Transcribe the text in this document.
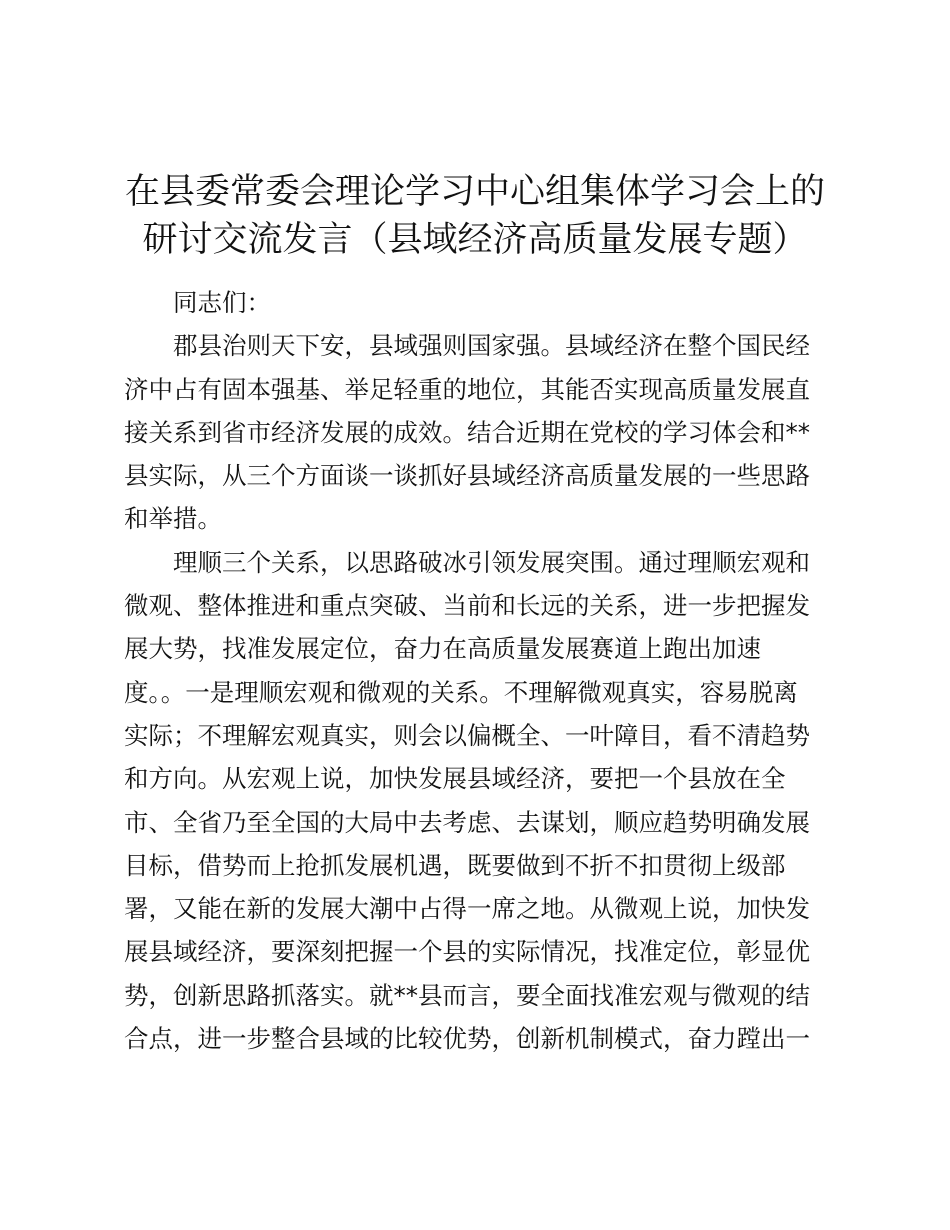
在县委常委会理论学习中心组集体学习会上的
研讨交流发言（县域经济高质量发展专题）

同志们：

郡县治则天下安，县域强则国家强。县域经济在整个国民经

济中占有固本强基、举足轻重的地位，其能否实现高质量发展直

接关系到省市经济发展的成效。结合近期在党校的学习体会和**

县实际，从三个方面谈一谈抓好县域经济高质量发展的一些思路

和举措。

理顺三个关系，以思路破冰引领发展突围。通过理顺宏观和

微观、整体推进和重点突破、当前和长远的关系，进一步把握发

展大势，找准发展定位，奋力在高质量发展赛道上跑出加速

度。。一是理顺宏观和微观的关系。不理解微观真实，容易脱离

实际；不理解宏观真实，则会以偏概全、一叶障目，看不清趋势

和方向。从宏观上说，加快发展县域经济，要把一个县放在全

市、全省乃至全国的大局中去考虑、去谋划，顺应趋势明确发展

目标，借势而上抢抓发展机遇，既要做到不折不扣贯彻上级部

署，又能在新的发展大潮中占得一席之地。从微观上说，加快发

展县域经济，要深刻把握一个县的实际情况，找准定位，彰显优

势，创新思路抓落实。就**县而言，要全面找准宏观与微观的结

合点，进一步整合县域的比较优势，创新机制模式，奋力蹚出一
